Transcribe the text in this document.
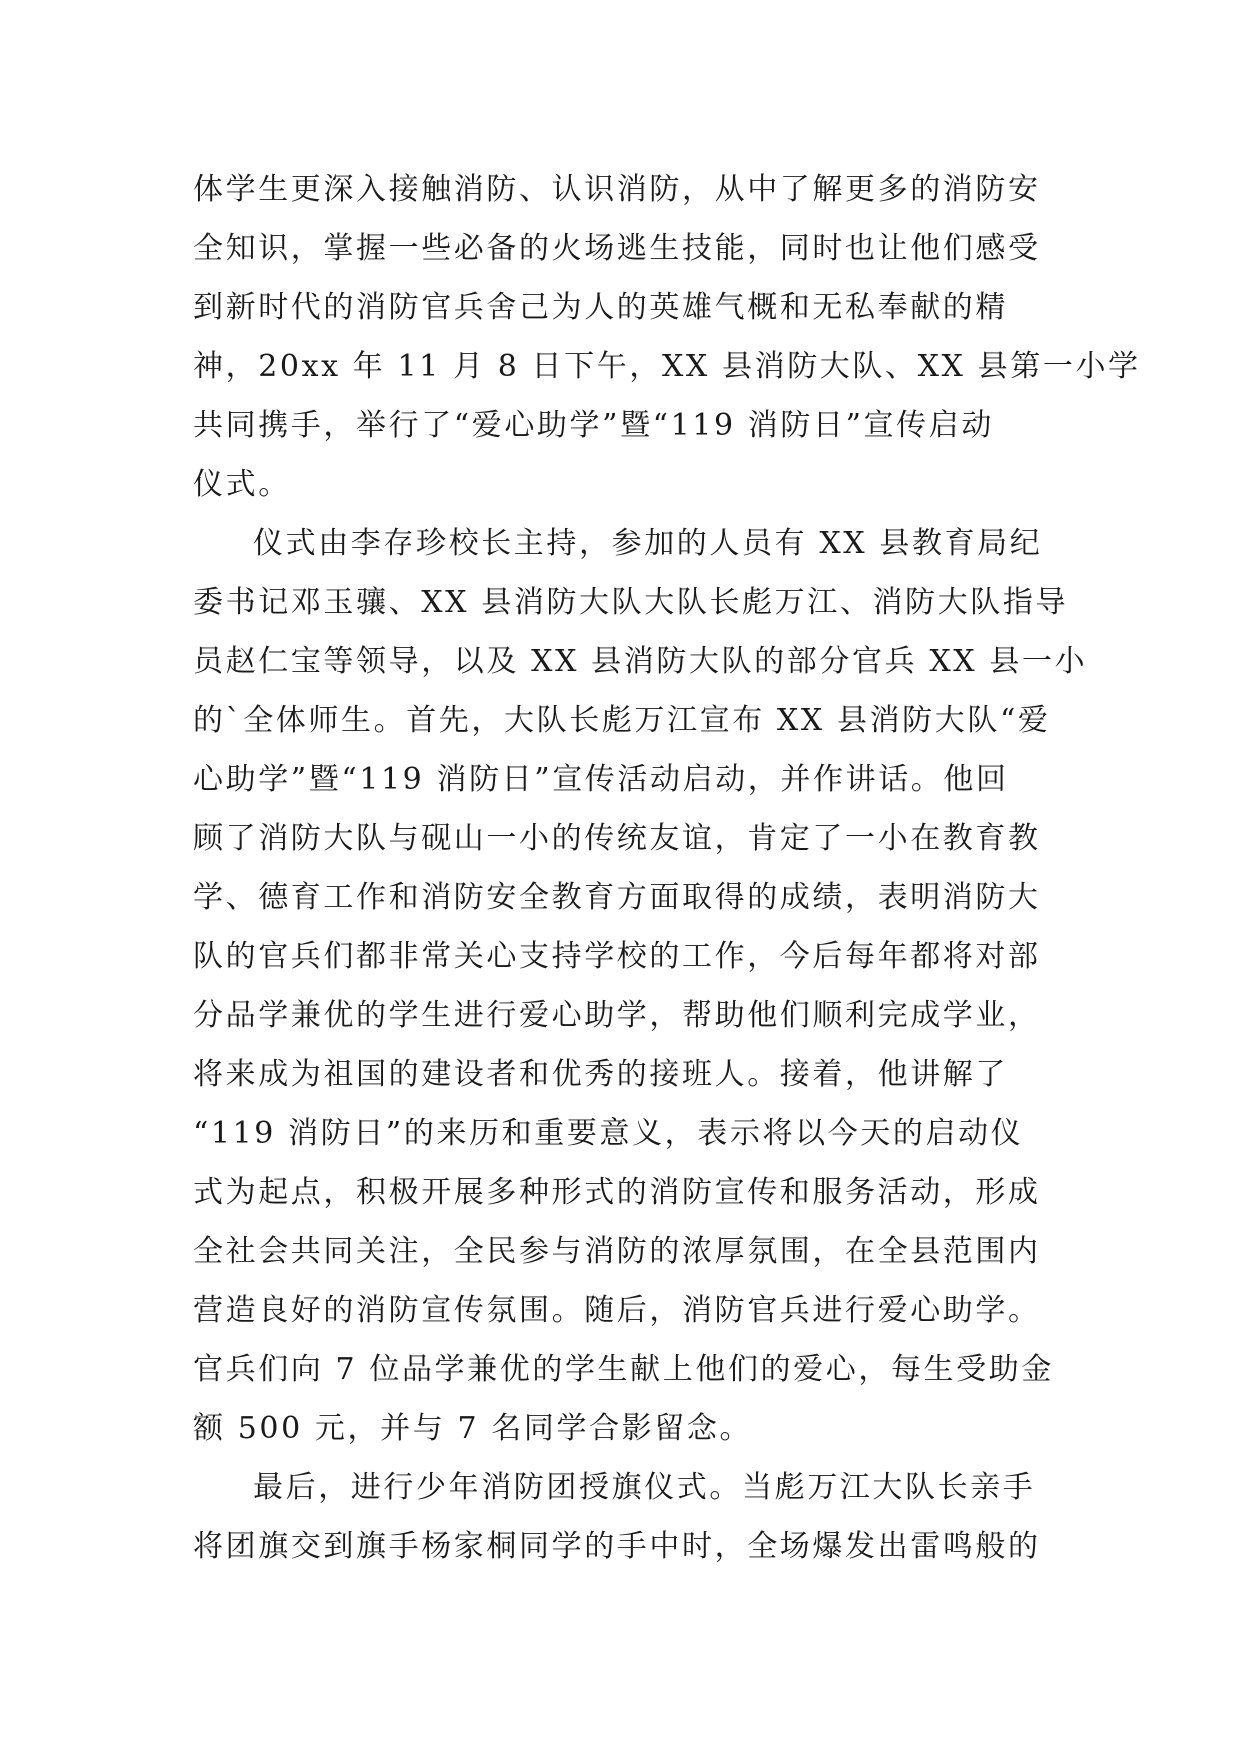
体学生更深入接触消防、认识消防，从中了解更多的消防安
全知识，掌握一些必备的火场逃生技能，同时也让他们感受
到新时代的消防官兵舍己为人的英雄气概和无私奉献的精
神，20xx 年 11 月 8 日下午，XX 县消防大队、XX 县第一小学
共同携手，举行了“爱心助学”暨“119 消防日”宣传启动
仪式。

仪式由李存珍校长主持，参加的人员有 XX 县教育局纪
委书记邓玉骧、XX 县消防大队大队长彪万江、消防大队指导
员赵仁宝等领导，以及 XX 县消防大队的部分官兵 XX 县一小
的`全体师生。首先，大队长彪万江宣布 XX 县消防大队“爱
心助学”暨“119 消防日”宣传活动启动，并作讲话。他回
顾了消防大队与砚山一小的传统友谊，肯定了一小在教育教
学、德育工作和消防安全教育方面取得的成绩，表明消防大
队的官兵们都非常关心支持学校的工作，今后每年都将对部
分品学兼优的学生进行爱心助学，帮助他们顺利完成学业，
将来成为祖国的建设者和优秀的接班人。接着，他讲解了
“119 消防日”的来历和重要意义，表示将以今天的启动仪
式为起点，积极开展多种形式的消防宣传和服务活动，形成
全社会共同关注，全民参与消防的浓厚氛围，在全县范围内
营造良好的消防宣传氛围。随后，消防官兵进行爱心助学。
官兵们向 7 位品学兼优的学生献上他们的爱心，每生受助金
额 500 元，并与 7 名同学合影留念。

最后，进行少年消防团授旗仪式。当彪万江大队长亲手
将团旗交到旗手杨家桐同学的手中时，全场爆发出雷鸣般的
